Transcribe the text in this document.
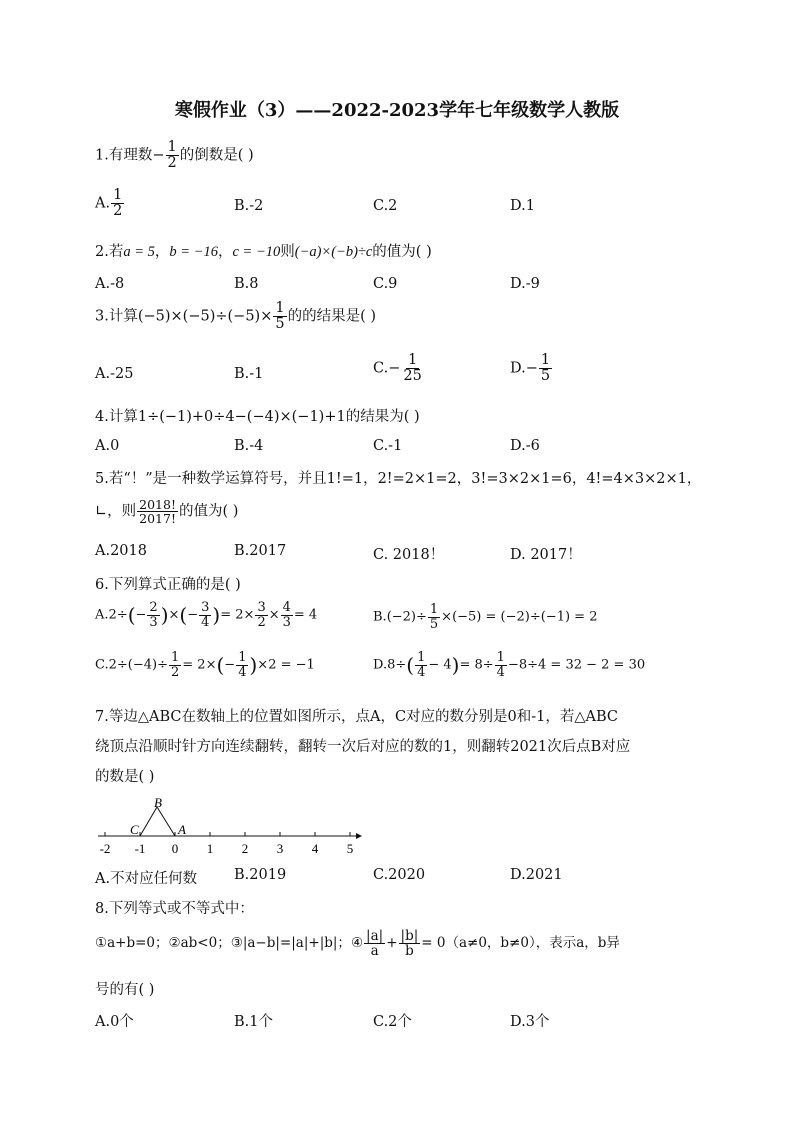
寒假作业（3）——2022-2023学年七年级数学人教版
1.有理数− $\frac{1}{2}$ 的倒数是( )
A. $\frac{1}{2}$	B.-2	C.2	D.1
2.若a = 5，b = −16，c = −10则(−a)×(−b)÷c的值为( )
A.-8	B.8	C.9	D.-9
3.计算$(-5)\times(-5)\div(-5)\times \frac{1}{5}$ 的的结果是( )
A.-25	B.-1	$C.- \frac{1}{25}$	$D.- \frac{1}{5}$
4.计算1÷(−1)+0÷4−(−4)×(−1)+1的结果为( )
A.0	B.-4	C.-1	D.-6
5.若“！”是一种数学运算符号，并且1!=1，2!=2×1=2，3!=3×2×1=6，4!=4×3×2×1，
∟，则 $\frac{2018!}{2017!}$ 的值为( )
A.2018	B.2017	C. 2018！	D. 2017！
6.下列算式正确的是( )
$A.2\div(- \frac{2}{3}$ )×(− $\frac{3}{4}$ )= $2\times \frac{3}{2} \times \frac{4}{3} = 4$	$B.(-2)\div \frac{1}{5} \times(-5) = (-2)\div(-1) = 2$
$C.2\div(-4)\div \frac{1}{2} = 2\times(- \frac{1}{4} )\times 2 = -1$	$D.8\div( \frac{1}{4} - 4)= 8\div \frac{1}{4} -8\div 4 = 32 - 2 = 30$
7.等边△ABC在数轴上的位置如图所示，点A，C对应的数分别是0和-1，若△ABC
绕顶点沿顺时针方向连续翻转，翻转一次后对应的数的1，则翻转2021次后点B对应
的数是( )
-2 -1 0 1 2 3 4 5
B
C	A
A.不对应任何数	B.2019	C.2020	D.2021
8.下列等式或不等式中：
①a+b=0；②ab<0；③|a−b|=|a|+|b|；④ $\frac{|a|}{a} + \frac{|b|}{b} = 0(a\ne 0$，b≠0），表示a，b异
号的有( )
A.0个	B.1个	C.2个	D.3个
